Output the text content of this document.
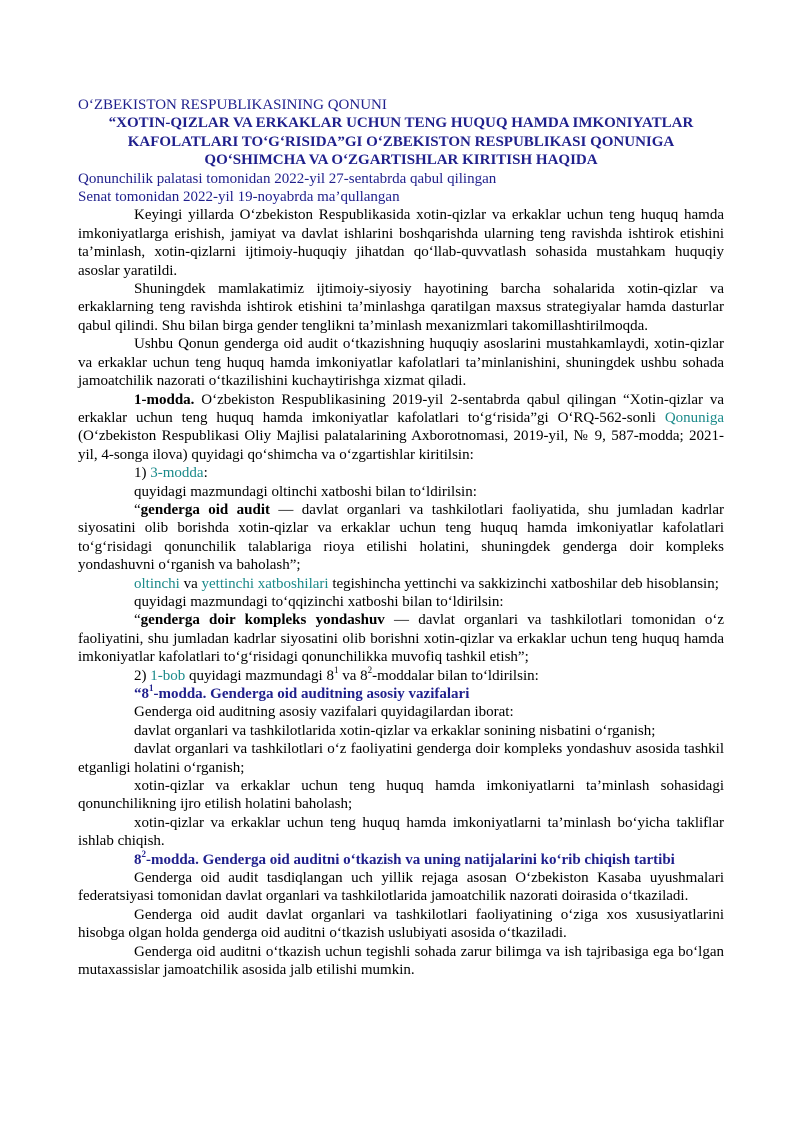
O‘ZBEKISTON RESPUBLIKASINING QONUNI

“XOTIN-QIZLAR VA ERKAKLAR UCHUN TENG HUQUQ HAMDA IMKONIYATLAR

KAFOLATLARI TO‘G‘RISIDA”GI O‘ZBEKISTON RESPUBLIKASI QONUNIGA

QO‘SHIMCHA VA O‘ZGARTISHLAR KIRITISH HAQIDA

Qonunchilik palatasi tomonidan 2022-yil 27-sentabrda qabul qilingan

Senat tomonidan 2022-yil 19-noyabrda ma’qullangan

Keyingi yillarda O‘zbekiston Respublikasida xotin-qizlar va erkaklar uchun teng huquq hamda imkoniyatlarga erishish, jamiyat va davlat ishlarini boshqarishda ularning teng ravishda ishtirok etishini ta’minlash, xotin-qizlarni ijtimoiy-huquqiy jihatdan qo‘llab-quvvatlash sohasida mustahkam huquqiy asoslar yaratildi.

Shuningdek mamlakatimiz ijtimoiy-siyosiy hayotining barcha sohalarida xotin-qizlar va erkaklarning teng ravishda ishtirok etishini ta’minlashga qaratilgan maxsus strategiyalar hamda dasturlar qabul qilindi. Shu bilan birga gender tenglikni ta’minlash mexanizmlari takomillashtirilmoqda.

Ushbu Qonun genderga oid audit o‘tkazishning huquqiy asoslarini mustahkamlaydi, xotin-qizlar va erkaklar uchun teng huquq hamda imkoniyatlar kafolatlari ta’minlanishini, shuningdek ushbu sohada jamoatchilik nazorati o‘tkazilishini kuchaytirishga xizmat qiladi.

1-modda. O‘zbekiston Respublikasining 2019-yil 2-sentabrda qabul qilingan “Xotin-qizlar va erkaklar uchun teng huquq hamda imkoniyatlar kafolatlari to‘g‘risida”gi O‘RQ-562-sonli Qonuniga (O‘zbekiston Respublikasi Oliy Majlisi palatalarining Axborotnomasi, 2019-yil, № 9, 587-modda; 2021-yil, 4-songa ilova) quyidagi qo‘shimcha va o‘zgartishlar kiritilsin:

1) 3-modda:

quyidagi mazmundagi oltinchi xatboshi bilan to‘ldirilsin:

“genderga oid audit — davlat organlari va tashkilotlari faoliyatida, shu jumladan kadrlar siyosatini olib borishda xotin-qizlar va erkaklar uchun teng huquq hamda imkoniyatlar kafolatlari to‘g‘risidagi qonunchilik talablariga rioya etilishi holatini, shuningdek genderga doir kompleks yondashuvni o‘rganish va baholash”;

oltinchi va yettinchi xatboshilari tegishincha yettinchi va sakkizinchi xatboshilar deb hisoblansin;

quyidagi mazmundagi to‘qqizinchi xatboshi bilan to‘ldirilsin:

“genderga doir kompleks yondashuv — davlat organlari va tashkilotlari tomonidan o‘z faoliyatini, shu jumladan kadrlar siyosatini olib borishni xotin-qizlar va erkaklar uchun teng huquq hamda imkoniyatlar kafolatlari to‘g‘risidagi qonunchilikka muvofiq tashkil etish”;

2) 1-bob quyidagi mazmundagi $8^1$ va $8^2$-moddalar bilan to‘ldirilsin:

“$8^1$-modda. Genderga oid auditning asosiy vazifalari

Genderga oid auditning asosiy vazifalari quyidagilardan iborat:

davlat organlari va tashkilotlarida xotin-qizlar va erkaklar sonining nisbatini o‘rganish;

davlat organlari va tashkilotlari o‘z faoliyatini genderga doir kompleks yondashuv asosida tashkil etganligi holatini o‘rganish;

xotin-qizlar va erkaklar uchun teng huquq hamda imkoniyatlarni ta’minlash sohasidagi qonunchilikning ijro etilish holatini baholash;

xotin-qizlar va erkaklar uchun teng huquq hamda imkoniyatlarni ta’minlash bo‘yicha takliflar ishlab chiqish.

$8^2$-modda. Genderga oid auditni o‘tkazish va uning natijalarini ko‘rib chiqish tartibi

Genderga oid audit tasdiqlangan uch yillik rejaga asosan O‘zbekiston Kasaba uyushmalari federatsiyasi tomonidan davlat organlari va tashkilotlarida jamoatchilik nazorati doirasida o‘tkaziladi.

Genderga oid audit davlat organlari va tashkilotlari faoliyatining o‘ziga xos xususiyatlarini hisobga olgan holda genderga oid auditni o‘tkazish uslubiyati asosida o‘tkaziladi.

Genderga oid auditni o‘tkazish uchun tegishli sohada zarur bilimga va ish tajribasiga ega bo‘lgan mutaxassislar jamoatchilik asosida jalb etilishi mumkin.
